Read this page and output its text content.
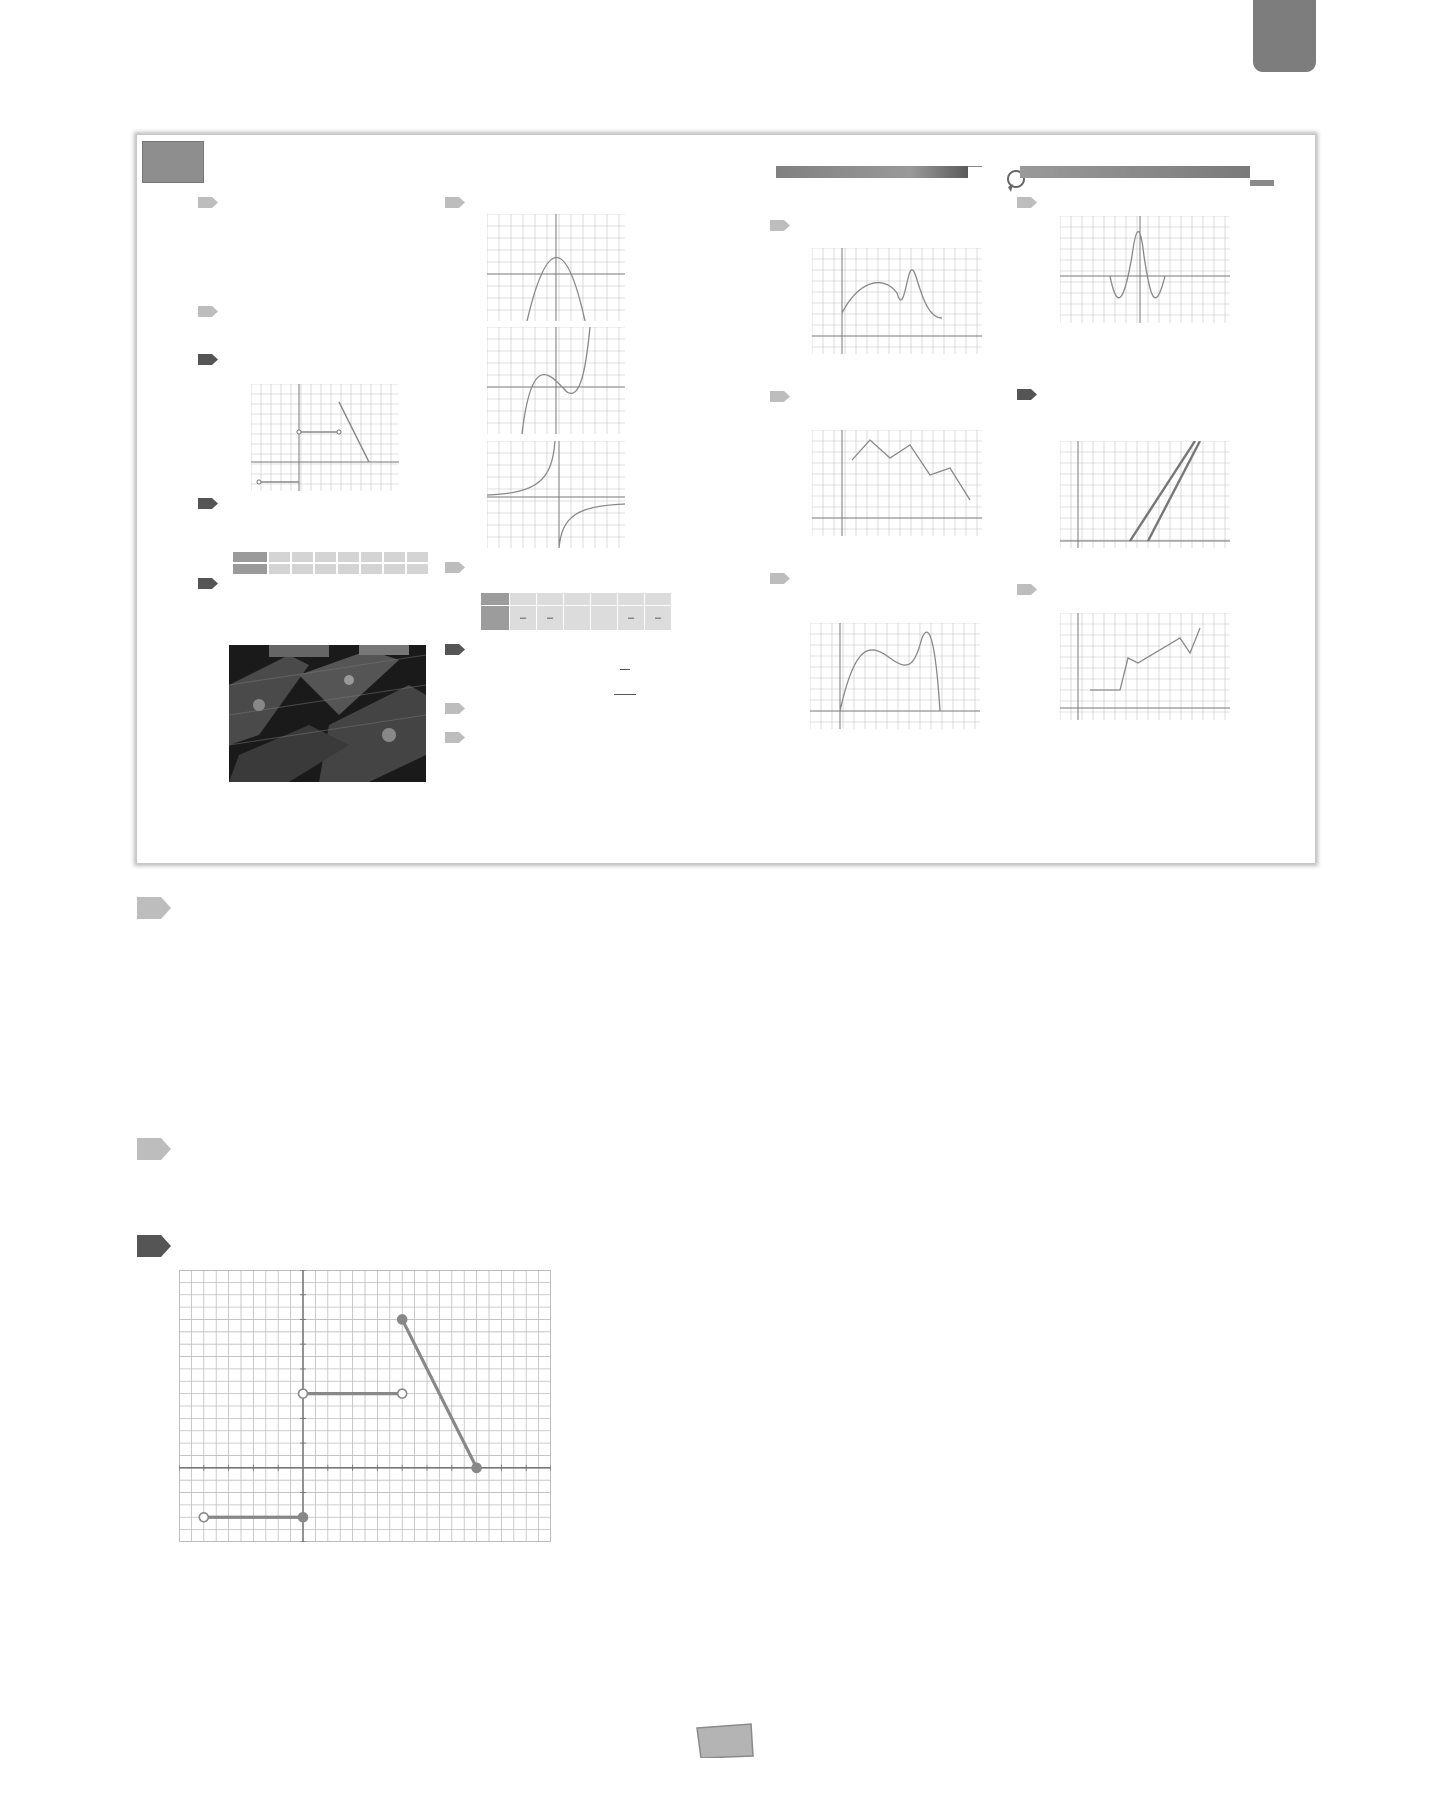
	–	–			–	–
